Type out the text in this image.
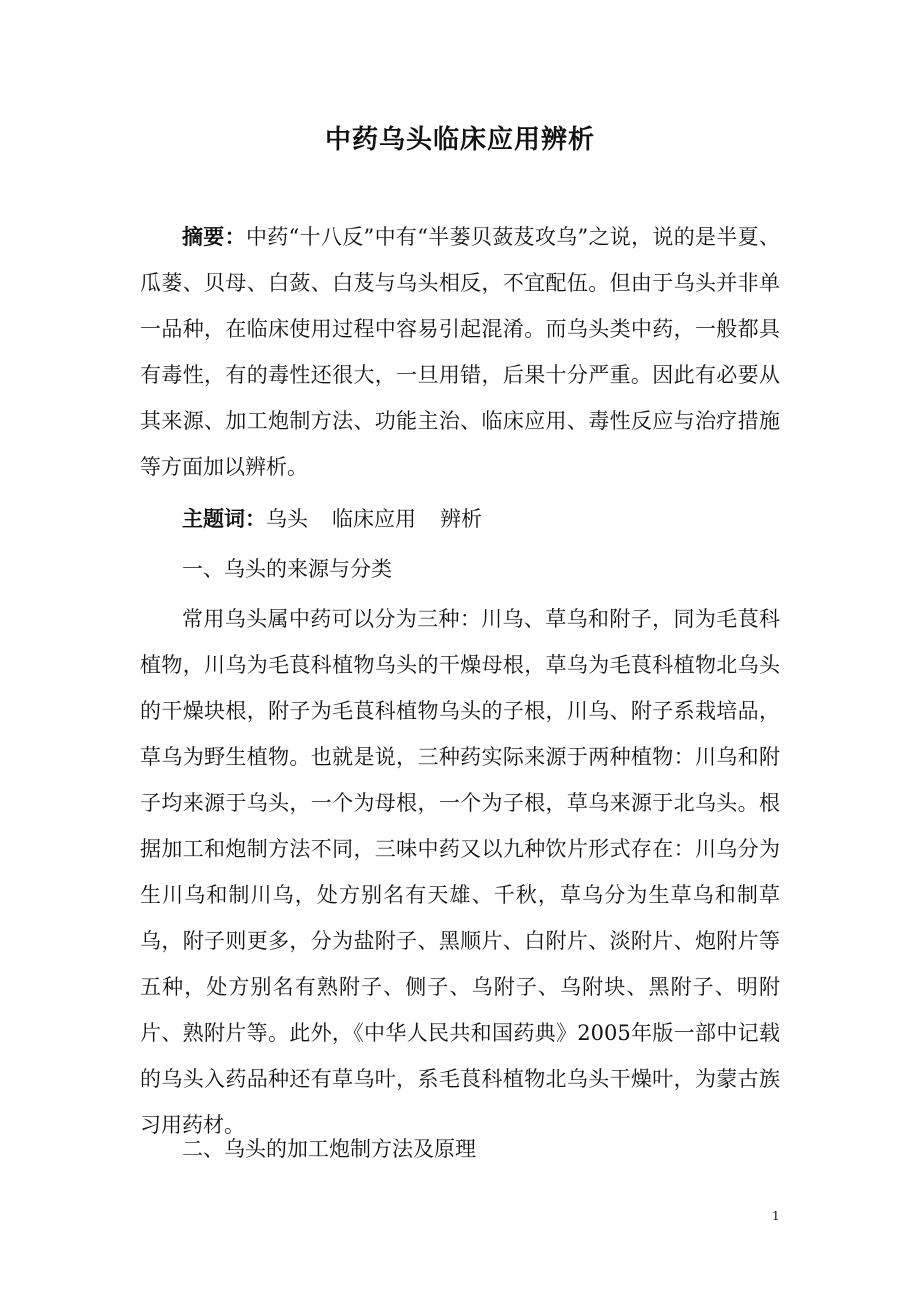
中药乌头临床应用辨析

摘要：中药“十八反”中有“半蒌贝蔹芨攻乌”之说，说的是半夏、瓜蒌、贝母、白蔹、白芨与乌头相反，不宜配伍。但由于乌头并非单一品种，在临床使用过程中容易引起混淆。而乌头类中药，一般都具有毒性，有的毒性还很大，一旦用错，后果十分严重。因此有必要从其来源、加工炮制方法、功能主治、临床应用、毒性反应与治疗措施等方面加以辨析。

主题词：乌头 临床应用 辨析

一、乌头的来源与分类

常用乌头属中药可以分为三种：川乌、草乌和附子，同为毛茛科植物，川乌为毛茛科植物乌头的干燥母根，草乌为毛茛科植物北乌头的干燥块根，附子为毛茛科植物乌头的子根，川乌、附子系栽培品，草乌为野生植物。也就是说，三种药实际来源于两种植物：川乌和附子均来源于乌头，一个为母根，一个为子根，草乌来源于北乌头。根据加工和炮制方法不同，三味中药又以九种饮片形式存在：川乌分为生川乌和制川乌，处方别名有天雄、千秋，草乌分为生草乌和制草乌，附子则更多，分为盐附子、黑顺片、白附片、淡附片、炮附片等五种，处方别名有熟附子、侧子、乌附子、乌附块、黑附子、明附片、熟附片等。此外，《中华人民共和国药典》2005年版一部中记载的乌头入药品种还有草乌叶，系毛茛科植物北乌头干燥叶，为蒙古族习用药材。

二、乌头的加工炮制方法及原理

1
